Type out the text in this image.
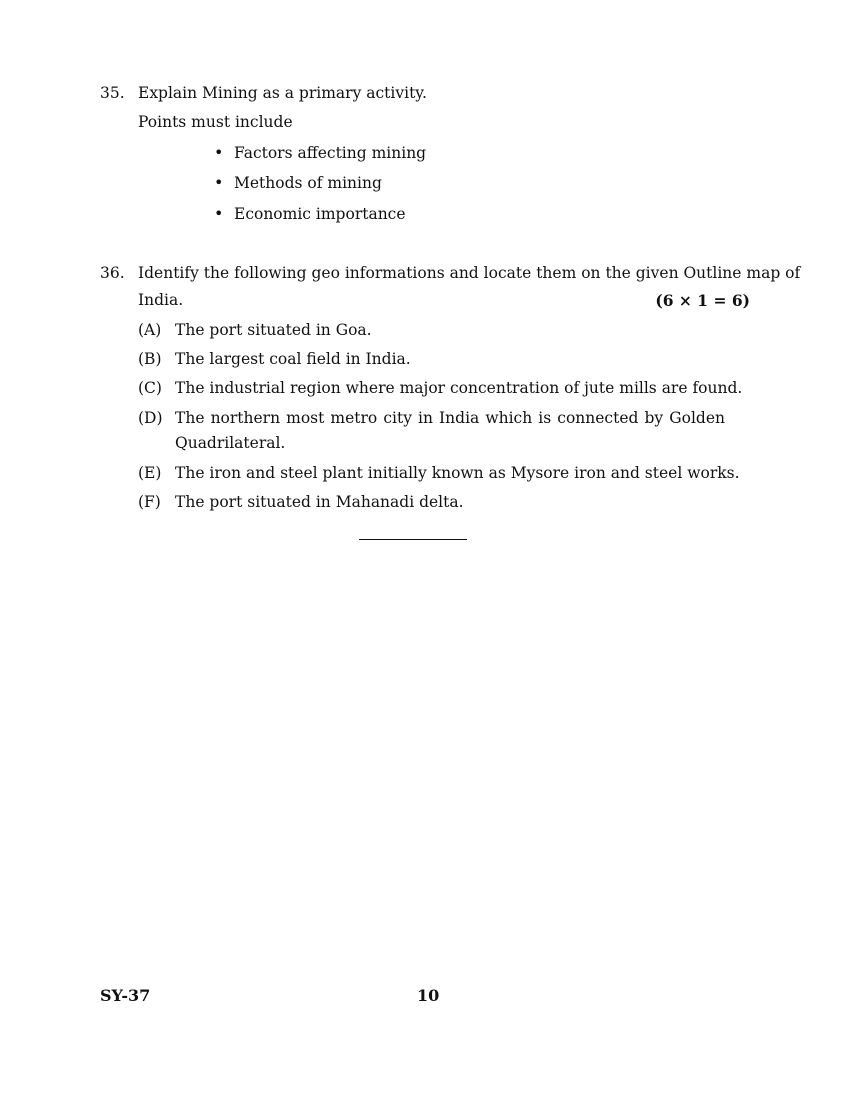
35. Explain Mining as a primary activity.
Points must include
• Factors affecting mining
• Methods of mining
• Economic importance
36. Identify the following geo informations and locate them on the given Outline map of
India.	(6 × 1 = 6)
(A) The port situated in Goa.
(B) The largest coal field in India.
(C) The industrial region where major concentration of jute mills are found.
(D) The northern most metro city in India which is connected by Golden
Quadrilateral.
(E) The iron and steel plant initially known as Mysore iron and steel works.
(F) The port situated in Mahanadi delta.
SY-37	10
